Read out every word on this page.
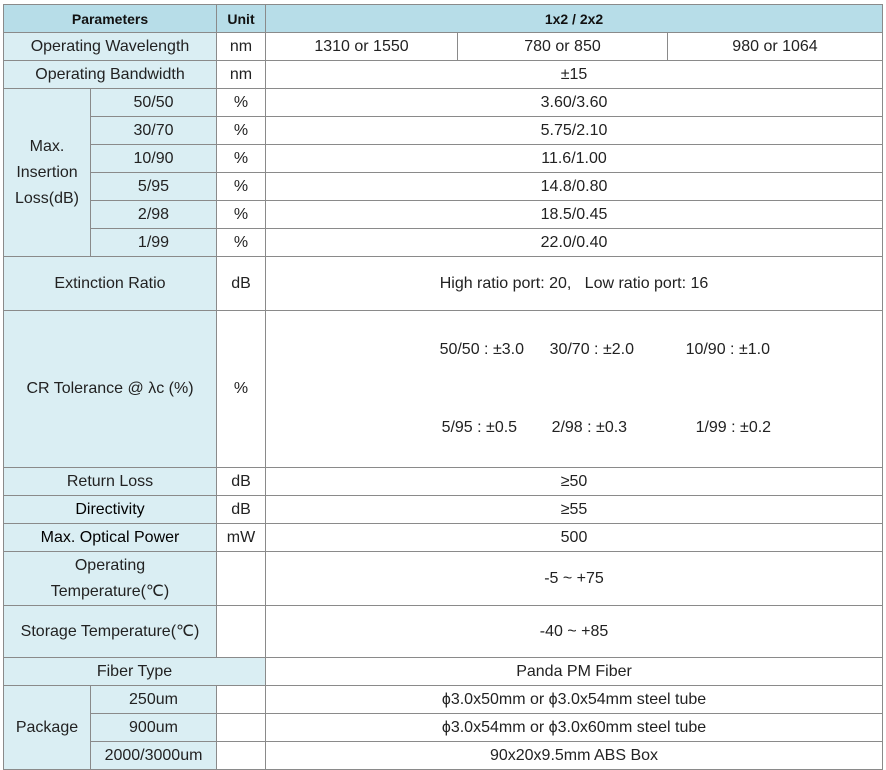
Parameters		Unit	1x2 / 2x2		
Operating Wavelength		nm	1310 or 1550	780 or 850	980 or 1064
Operating Bandwidth		nm	±15		

Max.
Insertion
Loss(dB)	50/50	%	3.60/3.60		
	30/70	%	5.75/2.10		
	10/90	%	11.6/1.00		
	5/95	%	14.8/0.80		
	2/98	%	18.5/0.45		
	1/99	%	22.0/0.40		
Extinction Ratio		dB	High ratio port: 20,   Low ratio port: 16		
CR Tolerance @ λc (%)		%	50/50 : ±3.0 30/70 : ±2.0 10/90 : ±1.0

5/95 : ±0.5 2/98 : ±0.3 1/99 : ±0.2		

Return Loss		dB	≥50		
Directivity		dB	≥55		
Max. Optical Power		mW	500		

Operating
Temperature(℃)			-5 ~ +75		
Storage Temperature(℃)			-40 ~ +85		
Fiber Type			Panda PM Fiber		
Package	250um		ϕ3.0x50mm or ϕ3.0x54mm steel tube		
	900um		ϕ3.0x54mm or ϕ3.0x60mm steel tube		
	2000/3000um		90x20x9.5mm ABS Box		
